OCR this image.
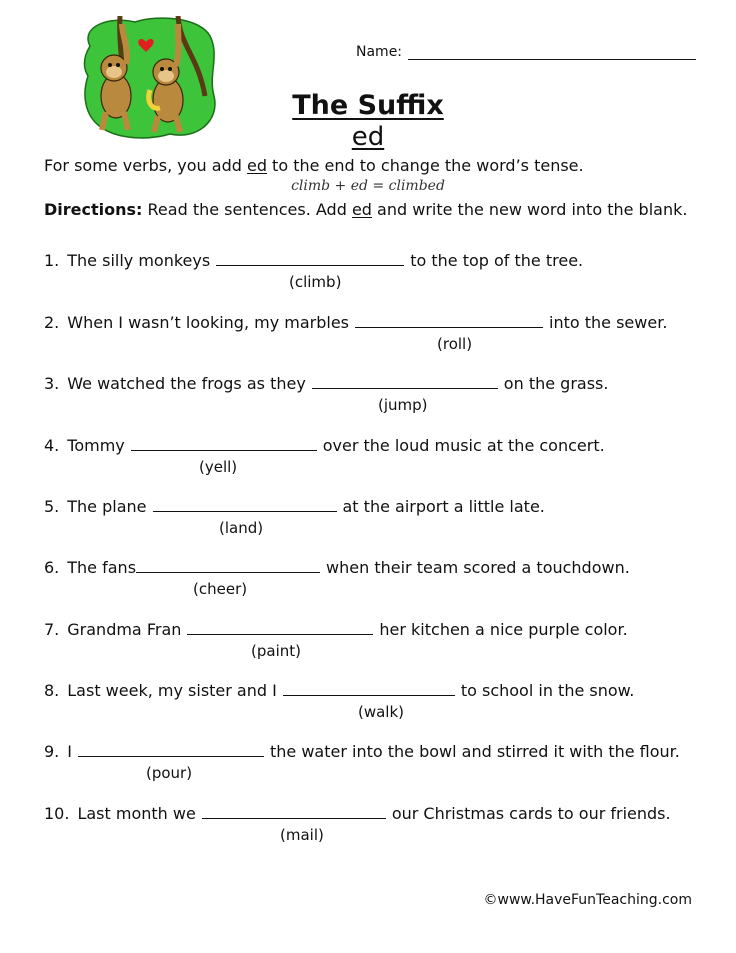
Name:
The Suffix
ed
For some verbs, you add ed to the end to change the word’s tense.
climb + ed = climbed
Directions: Read the sentences. Add ed and write the new word into the blank.
1. The silly monkeys	to the top of the tree.
(climb)
2. When I wasn’t looking, my marbles	into the sewer.
(roll)
3. We watched the frogs as they	on the grass.
(jump)
4. Tommy	over the loud music at the concert.
(yell)
5. The plane	at the airport a little late.
(land)
6. The fans	when their team scored a touchdown.
(cheer)
7. Grandma Fran	her kitchen a nice purple color.
(paint)
8. Last week, my sister and I	to school in the snow.
(walk)
9. I	the water into the bowl and stirred it with the flour.
(pour)
10. Last month we	our Christmas cards to our friends.
(mail)
©www.HaveFunTeaching.com
